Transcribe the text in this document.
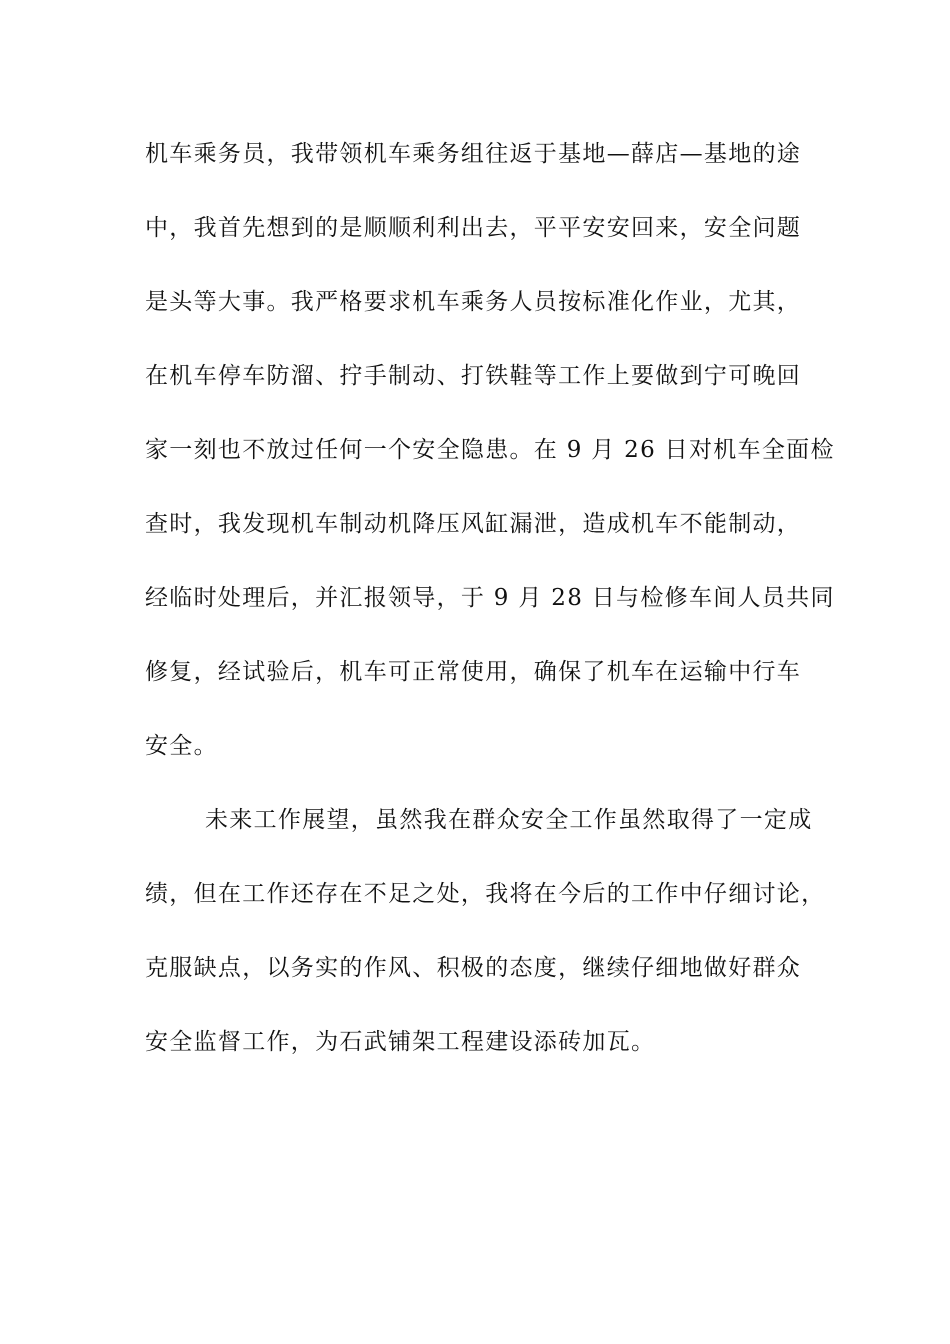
机车乘务员，我带领机车乘务组往返于基地—薛店—基地的途
中，我首先想到的是顺顺利利出去，平平安安回来，安全问题
是头等大事。我严格要求机车乘务人员按标准化作业，尤其，
在机车停车防溜、拧手制动、打铁鞋等工作上要做到宁可晚回
家一刻也不放过任何一个安全隐患。在 9 月 26 日对机车全面检
查时，我发现机车制动机降压风缸漏泄，造成机车不能制动，
经临时处理后，并汇报领导，于 9 月 28 日与检修车间人员共同
修复，经试验后，机车可正常使用，确保了机车在运输中行车
安全。
未来工作展望，虽然我在群众安全工作虽然取得了一定成
绩，但在工作还存在不足之处，我将在今后的工作中仔细讨论，
克服缺点，以务实的作风、积极的态度，继续仔细地做好群众
安全监督工作，为石武铺架工程建设添砖加瓦。
